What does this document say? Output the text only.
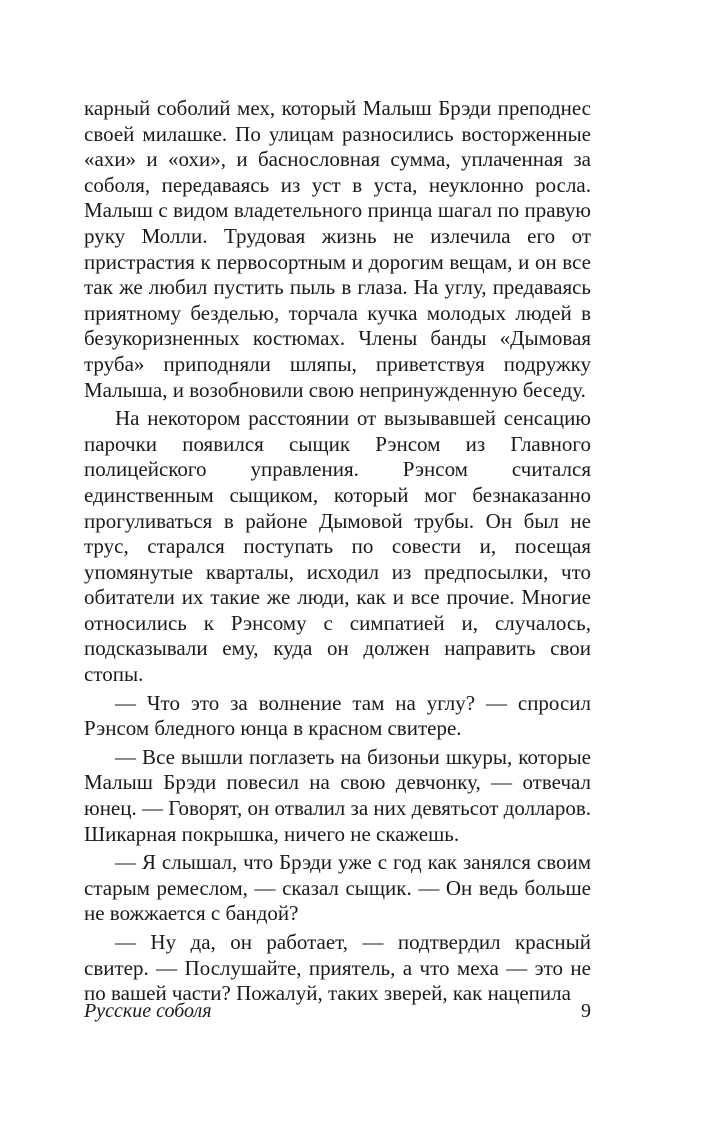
карный соболий мех, который Малыш Брэди преподнес своей милашке. По улицам разносились восторженные «ахи» и «охи», и баснословная сумма, уплаченная за соболя, передаваясь из уст в уста, неуклонно росла. Малыш с видом владетельного принца шагал по правую руку Молли. Трудовая жизнь не излечила его от пристрастия к первосортным и дорогим вещам, и он все так же любил пустить пыль в глаза. На углу, предаваясь приятному безделью, торчала кучка молодых людей в безукоризненных костюмах. Члены банды «Дымовая труба» приподняли шляпы, приветствуя подружку Малыша, и возобновили свою непринужденную беседу.

На некотором расстоянии от вызывавшей сенсацию парочки появился сыщик Рэнсом из Главного полицейского управления. Рэнсом считался единственным сыщиком, который мог безнаказанно прогуливаться в районе Дымовой трубы. Он был не трус, старался поступать по совести и, посещая упомянутые кварталы, исходил из предпосылки, что обитатели их такие же люди, как и все прочие. Многие относились к Рэнсому с симпатией и, случалось, подсказывали ему, куда он должен направить свои стопы.

— Что это за волнение там на углу? — спросил Рэнсом бледного юнца в красном свитере.

— Все вышли поглазеть на бизоньи шкуры, которые Малыш Брэди повесил на свою девчонку, — отвечал юнец. — Говорят, он отвалил за них девятьсот долларов. Шикарная покрышка, ничего не скажешь.

— Я слышал, что Брэди уже с год как занялся своим старым ремеслом, — сказал сыщик. — Он ведь больше не вожжается с бандой?

— Ну да, он работает, — подтвердил красный свитер. — Послушайте, приятель, а что меха — это не по вашей части? Пожалуй, таких зверей, как нацепила

Русские соболя	9
